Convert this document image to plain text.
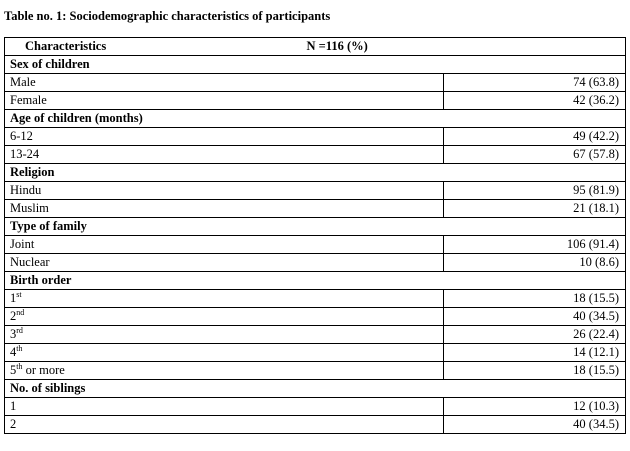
Table no. 1: Sociodemographic characteristics of participants
Characteristics	N =116 (%)

Sex of children	
Male	74 (63.8)
Female	42 (36.2)
Age of children (months)	
6-12	49 (42.2)
13-24	67 (57.8)
Religion	
Hindu	95 (81.9)
Muslim	21 (18.1)
Type of family	
Joint	106 (91.4)
Nuclear	10 (8.6)
Birth order	
1st	18 (15.5)
2nd	40 (34.5)
3rd	26 (22.4)
4th	14 (12.1)
5th or more	18 (15.5)
No. of siblings	
1	12 (10.3)
2	40 (34.5)
